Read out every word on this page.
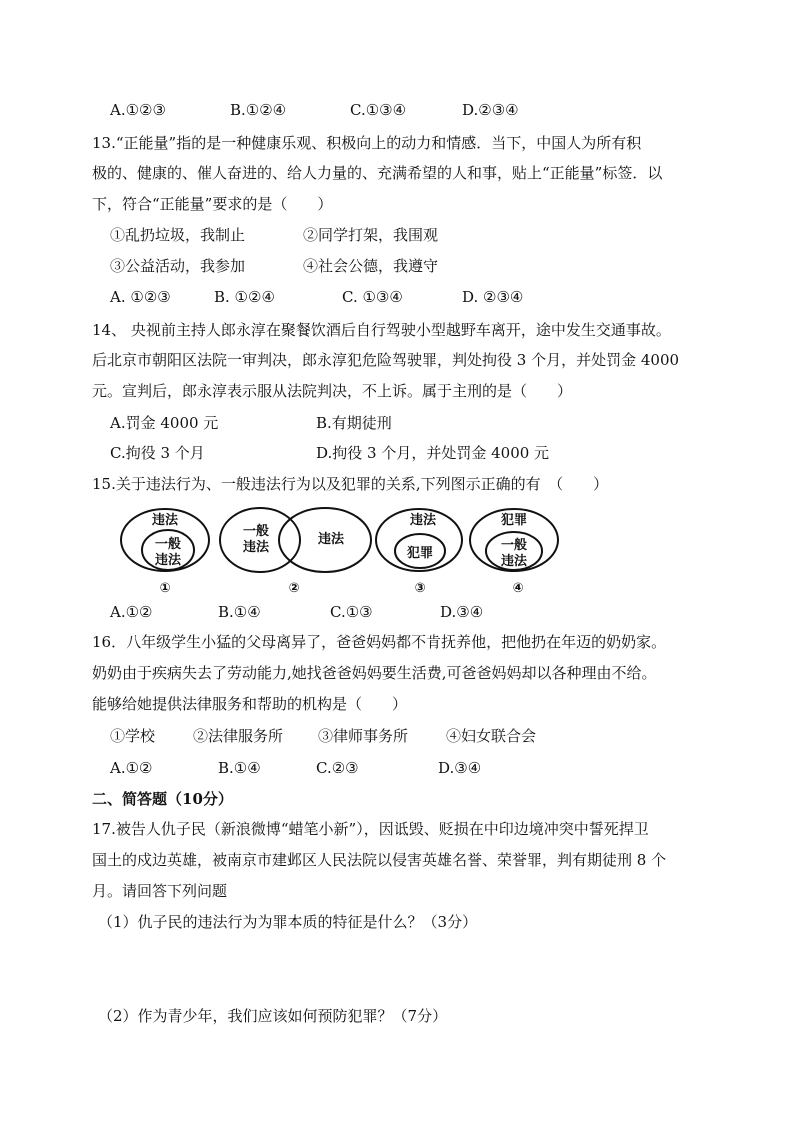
A.①②③	B.①②④	C.①③④	D.②③④
13.“正能量”指的是一种健康乐观、积极向上的动力和情感．当下，中国人为所有积
极的、健康的、催人奋进的、给人力量的、充满希望的人和事，贴上“正能量”标签．以
下，符合“正能量”要求的是（　　）
①乱扔垃圾，我制止	②同学打架，我围观
③公益活动，我参加	④社会公德，我遵守
A. ①②③	B. ①②④	C. ①③④	D. ②③④
14、 央视前主持人郎永淳在聚餐饮酒后自行驾驶小型越野车离开，途中发生交通事故。
后北京市朝阳区法院一审判决，郎永淳犯危险驾驶罪，判处拘役 3 个月，并处罚金 4000
元。宣判后，郎永淳表示服从法院判决，不上诉。属于主刑的是（　　）
A.罚金 4000 元	B.有期徒刑
C.拘役 3 个月	D.拘役 3 个月，并处罚金 4000 元
15.关于违法行为、一般违法行为以及犯罪的关系,下列图示正确的有　（　　）
违法
一般
违法
①
一般
违法
违法
②
违法
犯罪
③
犯罪
一般
违法
④
A.①②	B.①④	C.①③	D.③④
16．八年级学生小猛的父母离异了，爸爸妈妈都不肯抚养他，把他扔在年迈的奶奶家。
奶奶由于疾病失去了劳动能力,她找爸爸妈妈要生活费,可爸爸妈妈却以各种理由不给。
能够给她提供法律服务和帮助的机构是（　　）
①学校	②法律服务所 ③律师事务所	④妇女联合会
A.①②	B.①④	C.②③	D.③④
二、简答题（10分）
17.被告人仇子民（新浪微博“蜡笔小新”），因诋毁、贬损在中印边境冲突中誓死捍卫
国土的戍边英雄，被南京市建邺区人民法院以侵害英雄名誉、荣誉罪，判有期徒刑 8 个
月。请回答下列问题
（1）仇子民的违法行为为罪本质的特征是什么？（3分）
（2）作为青少年，我们应该如何预防犯罪？（7分）
